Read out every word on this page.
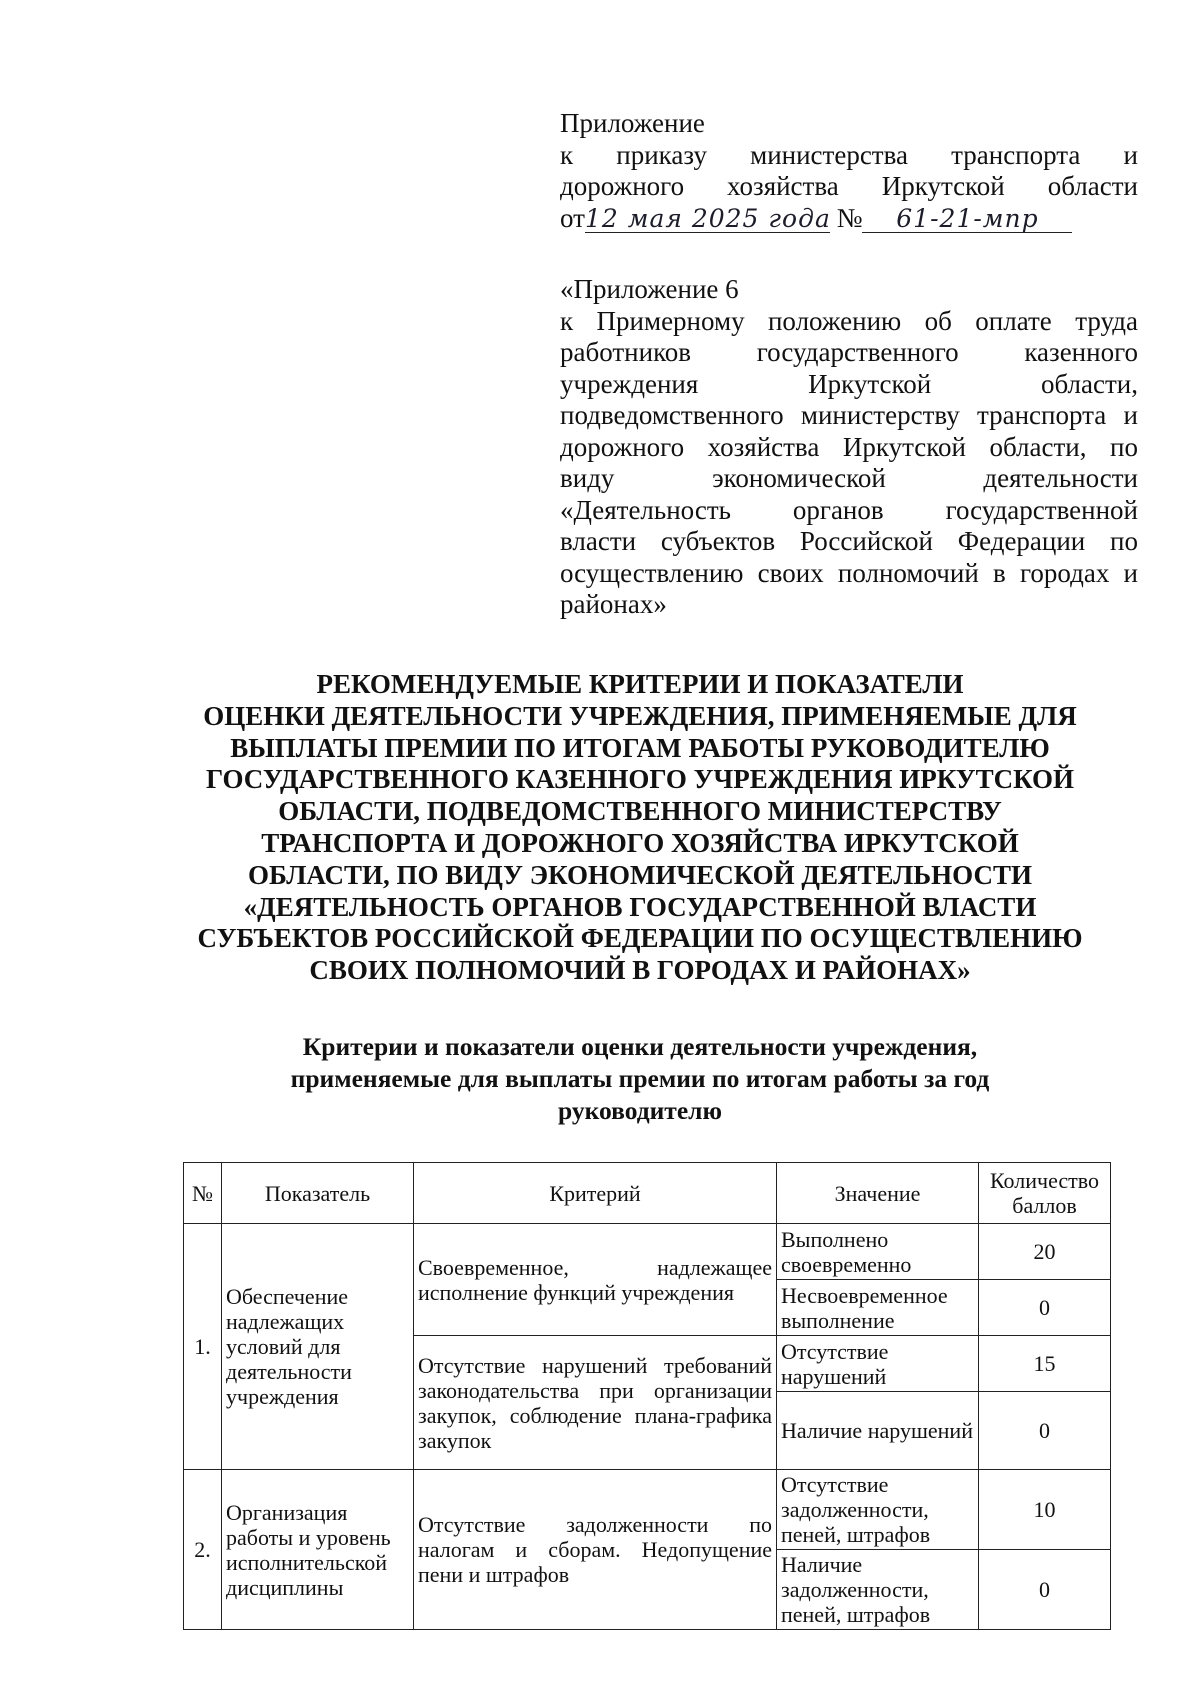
Приложение
к приказу министерства транспорта и
дорожного хозяйства Иркутской области
от12 мая 2025 года № 61-21-мпр
«Приложение 6
к Примерному положению об оплате труда
работников государственного казенного
учреждения Иркутской области,
подведомственного министерству транспорта и
дорожного хозяйства Иркутской области, по
виду экономической деятельности
«Деятельность органов государственной
власти субъектов Российской Федерации по
осуществлению своих полномочий в городах и
районах»
РЕКОМЕНДУЕМЫЕ КРИТЕРИИ И ПОКАЗАТЕЛИ
ОЦЕНКИ ДЕЯТЕЛЬНОСТИ УЧРЕЖДЕНИЯ, ПРИМЕНЯЕМЫЕ ДЛЯ
ВЫПЛАТЫ ПРЕМИИ ПО ИТОГАМ РАБОТЫ РУКОВОДИТЕЛЮ
ГОСУДАРСТВЕННОГО КАЗЕННОГО УЧРЕЖДЕНИЯ ИРКУТСКОЙ
ОБЛАСТИ, ПОДВЕДОМСТВЕННОГО МИНИСТЕРСТВУ
ТРАНСПОРТА И ДОРОЖНОГО ХОЗЯЙСТВА ИРКУТСКОЙ
ОБЛАСТИ, ПО ВИДУ ЭКОНОМИЧЕСКОЙ ДЕЯТЕЛЬНОСТИ
«ДЕЯТЕЛЬНОСТЬ ОРГАНОВ ГОСУДАРСТВЕННОЙ ВЛАСТИ
СУБЪЕКТОВ РОССИЙСКОЙ ФЕДЕРАЦИИ ПО ОСУЩЕСТВЛЕНИЮ
СВОИХ ПОЛНОМОЧИЙ В ГОРОДАХ И РАЙОНАХ»
Критерии и показатели оценки деятельности учреждения,
применяемые для выплаты премии по итогам работы за год
руководителю
№	Показатель	Критерий	Значение	Количество баллов
1.	Обеспечение надлежащих условий для деятельности учреждения	Своевременное, надлежащее исполнение функций учреждения	Выполнено своевременно	20
			Несвоевременное выполнение	0
		Отсутствие нарушений требований законодательства при организации закупок, соблюдение плана-графика закупок	Отсутствие нарушений	15
			Наличие нарушений	0
2.	Организация работы и уровень исполнительской дисциплины	Отсутствие задолженности по налогам и сборам. Недопущение пени и штрафов	Отсутствие задолженности, пеней, штрафов	10
			Наличие задолженности, пеней, штрафов	0
